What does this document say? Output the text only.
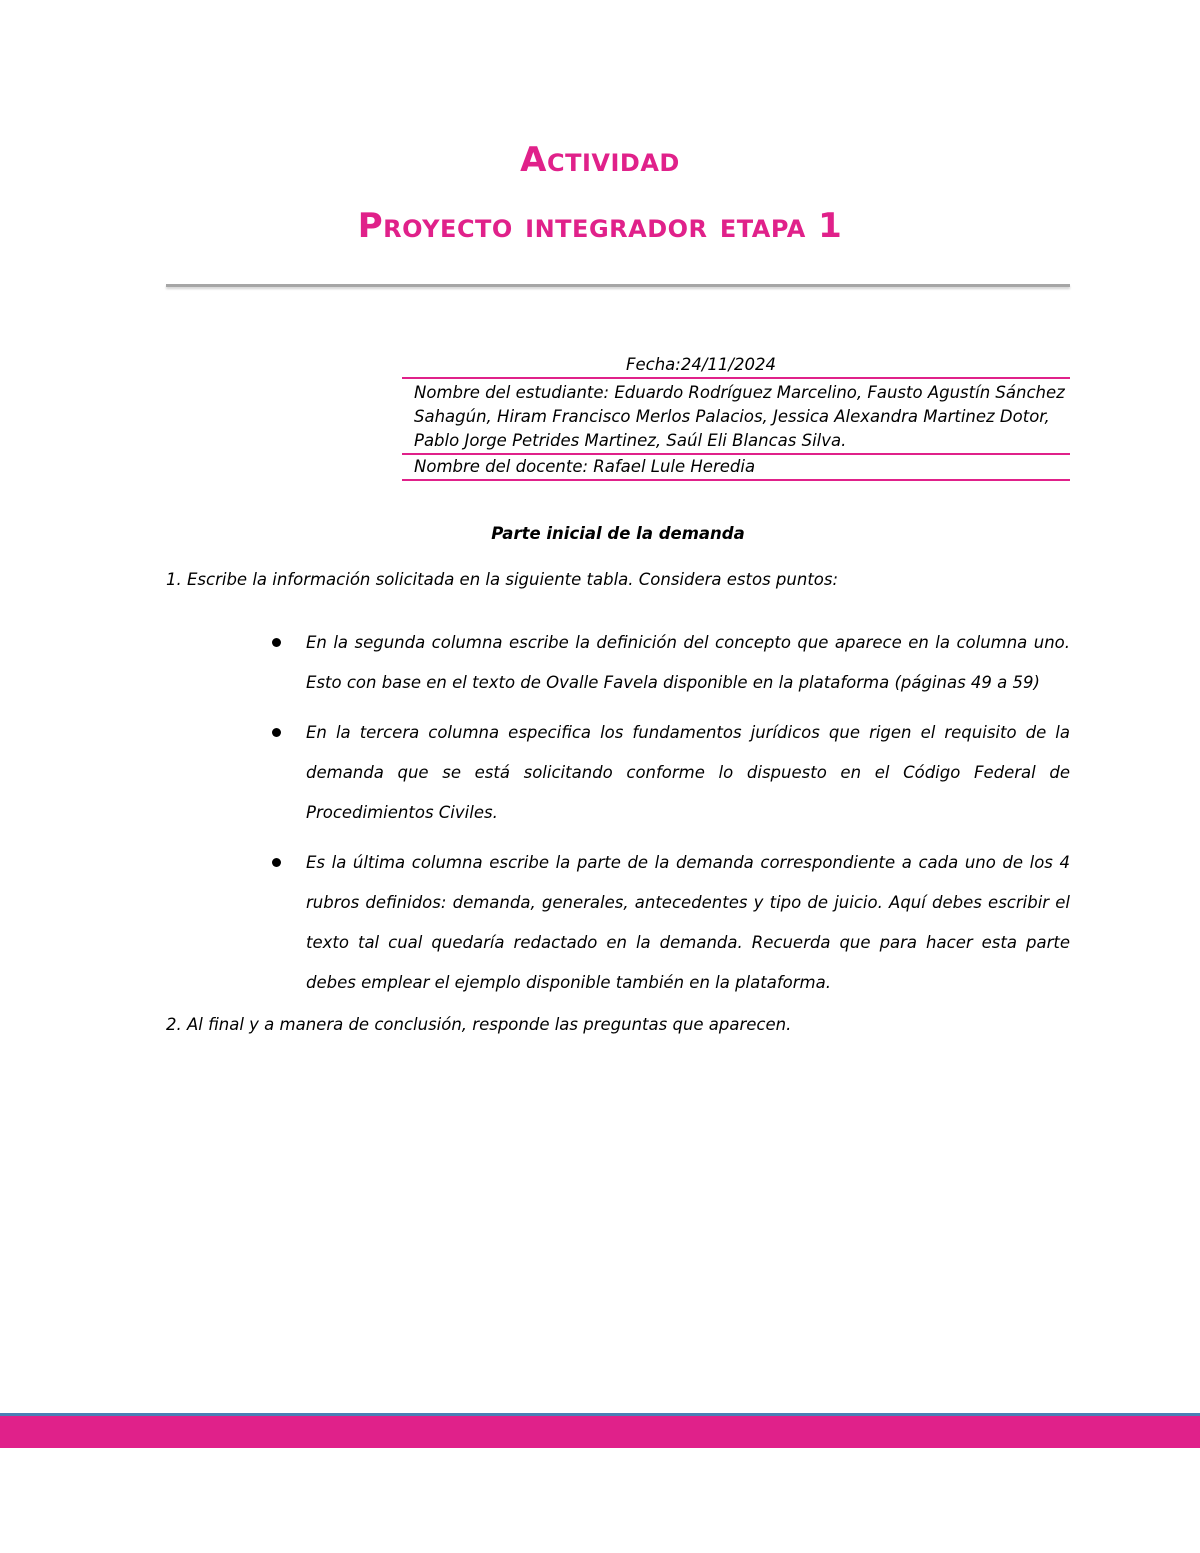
Actividad
Proyecto integrador etapa 1
Fecha:24/11/2024
Nombre del estudiante: Eduardo Rodríguez Marcelino, Fausto Agustín Sánchez Sahagún, Hiram Francisco Merlos Palacios, Jessica Alexandra Martinez Dotor, Pablo Jorge Petrides Martinez, Saúl Eli Blancas Silva.
Nombre del docente: Rafael Lule Heredia

Parte inicial de la demanda

1. Escribe la información solicitada en la siguiente tabla. Considera estos puntos:

En la segunda columna escribe la definición del concepto que aparece en la columna uno. Esto con base en el texto de Ovalle Favela disponible en la plataforma (páginas 49 a 59)
En la tercera columna especifica los fundamentos jurídicos que rigen el requisito de la demanda que se está solicitando conforme lo dispuesto en el Código Federal de Procedimientos Civiles.
Es la última columna escribe la parte de la demanda correspondiente a cada uno de los 4 rubros definidos: demanda, generales, antecedentes y tipo de juicio. Aquí debes escribir el texto tal cual quedaría redactado en la demanda. Recuerda que para hacer esta parte debes emplear el ejemplo disponible también en la plataforma.

2. Al final y a manera de conclusión, responde las preguntas que aparecen.
